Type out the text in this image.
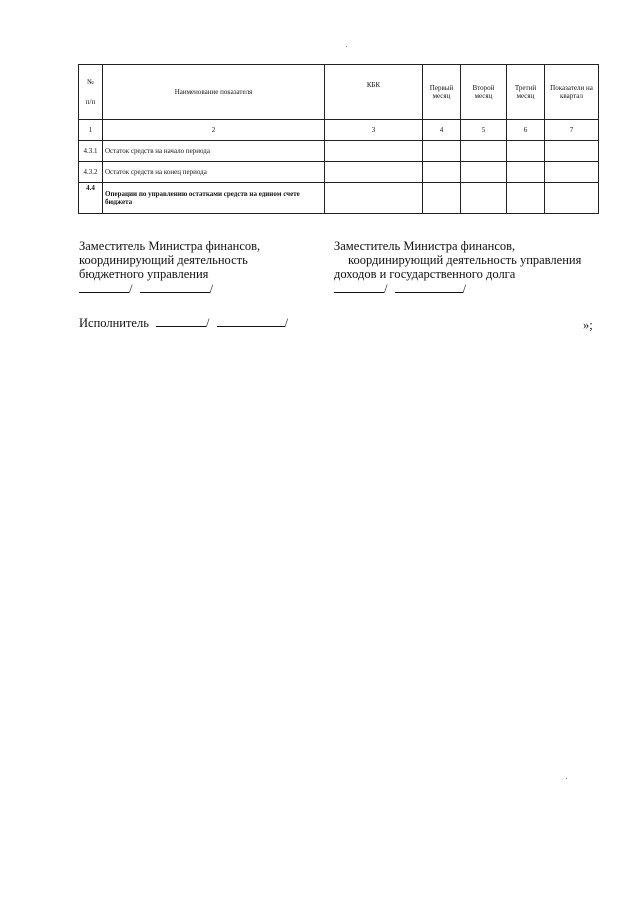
№
п/п	Наименование показателя	КБК	Первый месяц	Второй месяц	Третий месяц	Показатели на квартал
1	2	3	4	5	6	7
4.3.1	Остаток средств на начало периода					
4.3.2	Остаток средств на конец периода					
4.4	Операции по управлению остатками средств на едином счете бюджета					
Заместитель Министра финансов,
координирующий деятельность
бюджетного управления
/	/
Заместитель Министра финансов,
координирующий деятельность управления
доходов и государственного долга
/	/
Исполнитель	/	/	»;
